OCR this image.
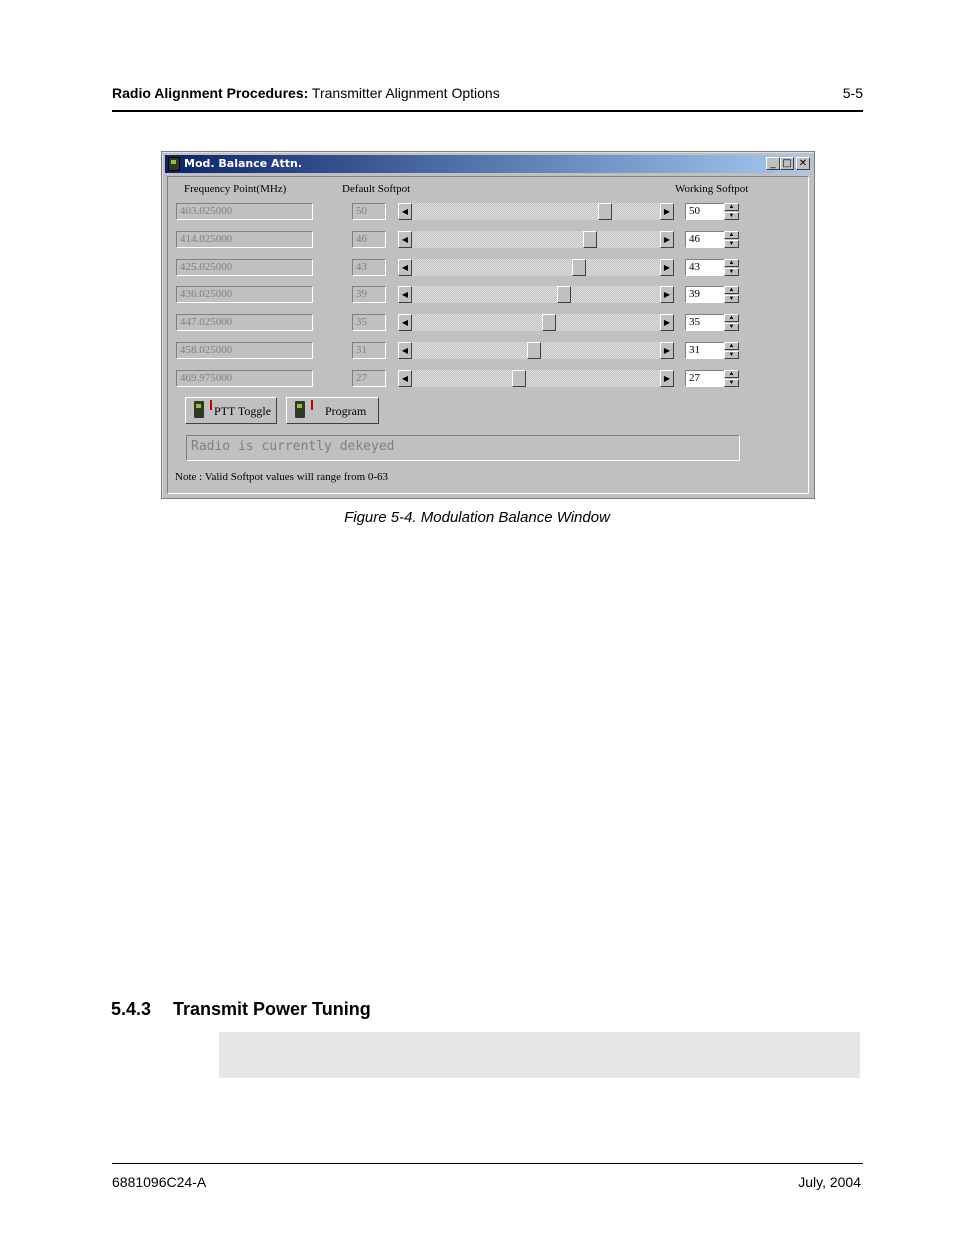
Radio Alignment Procedures: Transmitter Alignment Options	5-5
Mod. Balance Attn.	_ □ ✕
Frequency Point(MHz)	Default Softpot	Working Softpot
403.025000	50	◀	▶	50	▲
▼
414.025000	46	◀	▶	46	▲
▼
425.025000	43	◀	▶	43	▲
▼
436.025000	39	◀	▶	39	▲
▼
447.025000	35	◀	▶	35	▲
▼
458.025000	31	◀	▶	31	▲
▼
469.975000	27	◀	▶	27	▲
▼
PTT Toggle	Program
Radio is currently dekeyed
Note : Valid Softpot values will range from 0-63
Figure 5-4. Modulation Balance Window
5.4.3 Transmit Power Tuning
6881096C24-A	July, 2004
